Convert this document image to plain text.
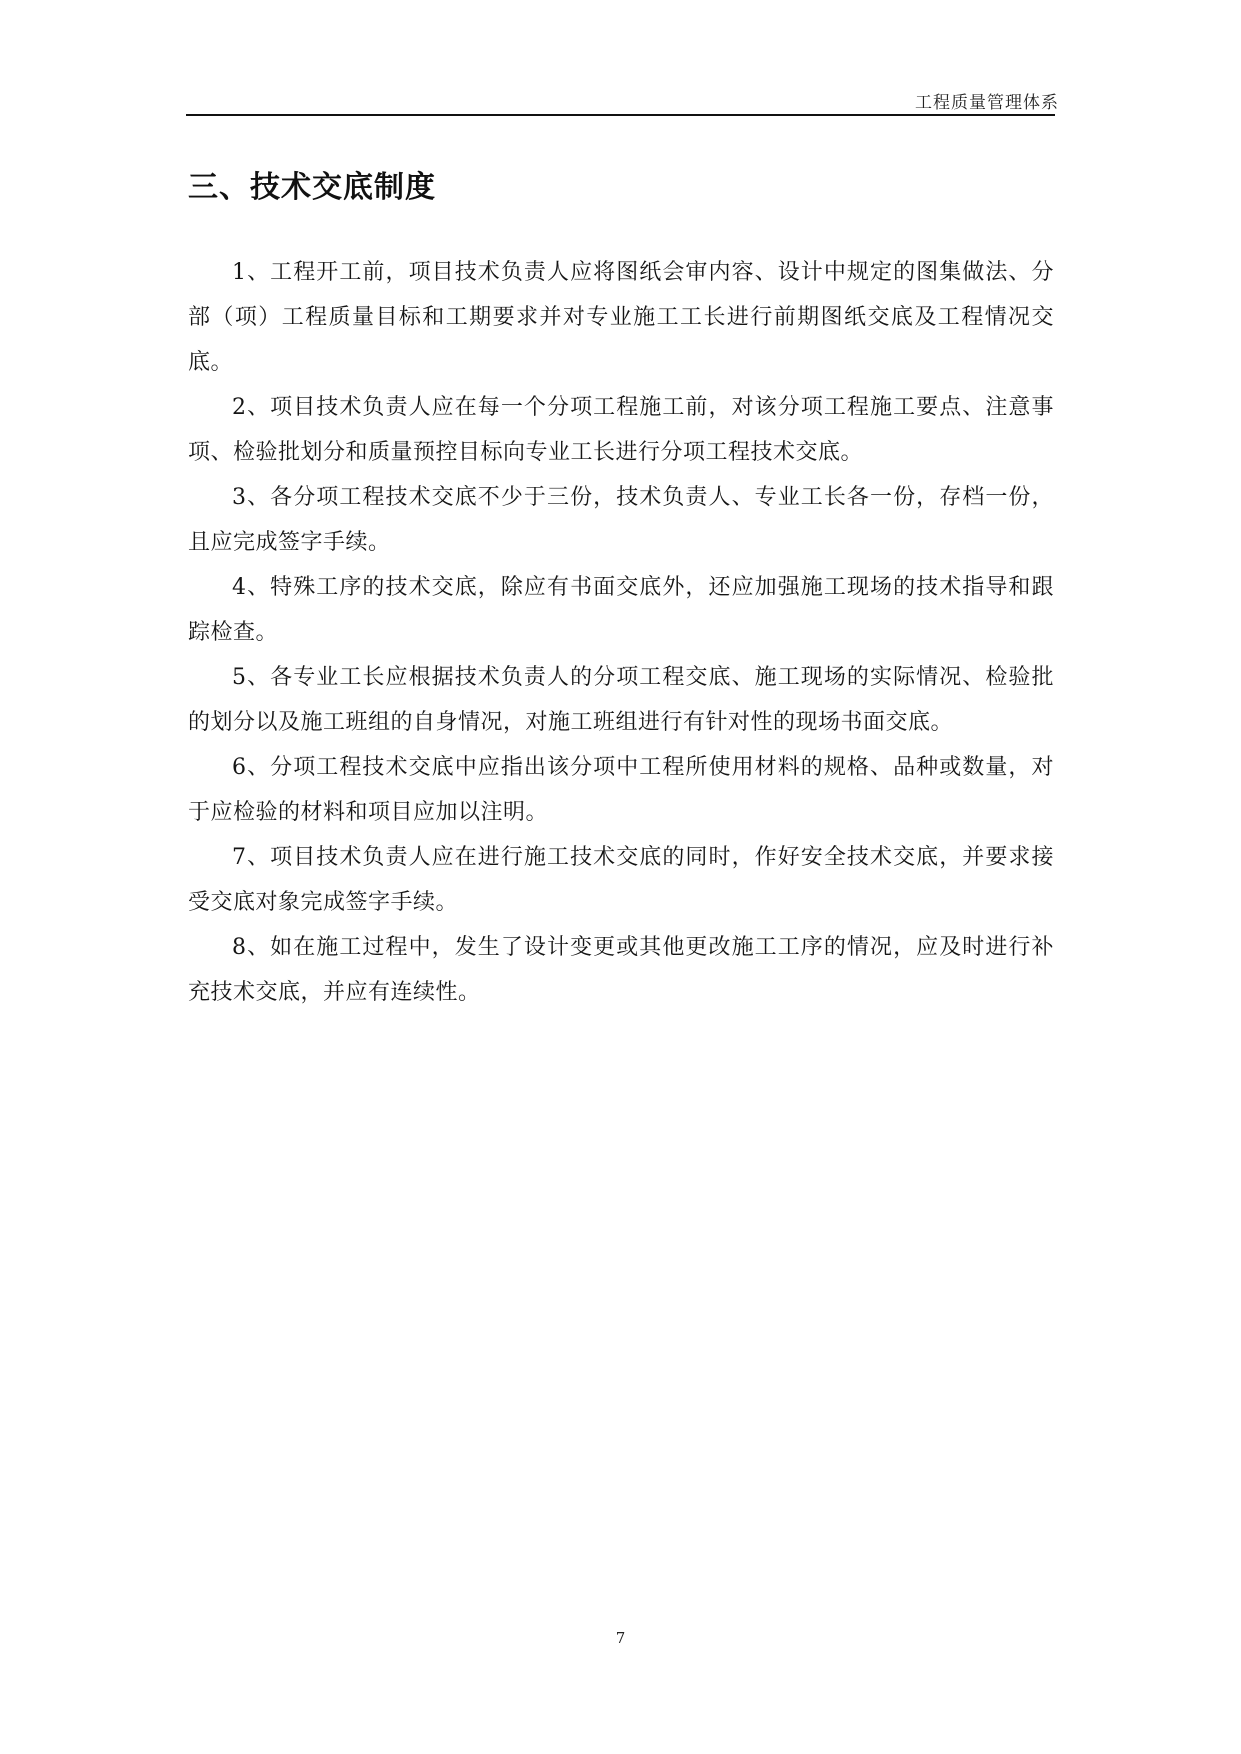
工程质量管理体系
三、技术交底制度

1、工程开工前，项目技术负责人应将图纸会审内容、设计中规定的图集做法、分部（项）工程质量目标和工期要求并对专业施工工长进行前期图纸交底及工程情况交底。

2、项目技术负责人应在每一个分项工程施工前，对该分项工程施工要点、注意事项、检验批划分和质量预控目标向专业工长进行分项工程技术交底。

3、各分项工程技术交底不少于三份，技术负责人、专业工长各一份，存档一份，且应完成签字手续。

4、特殊工序的技术交底，除应有书面交底外，还应加强施工现场的技术指导和跟踪检查。

5、各专业工长应根据技术负责人的分项工程交底、施工现场的实际情况、检验批的划分以及施工班组的自身情况，对施工班组进行有针对性的现场书面交底。

6、分项工程技术交底中应指出该分项中工程所使用材料的规格、品种或数量，对于应检验的材料和项目应加以注明。

7、项目技术负责人应在进行施工技术交底的同时，作好安全技术交底，并要求接受交底对象完成签字手续。

8、如在施工过程中，发生了设计变更或其他更改施工工序的情况，应及时进行补充技术交底，并应有连续性。

7
